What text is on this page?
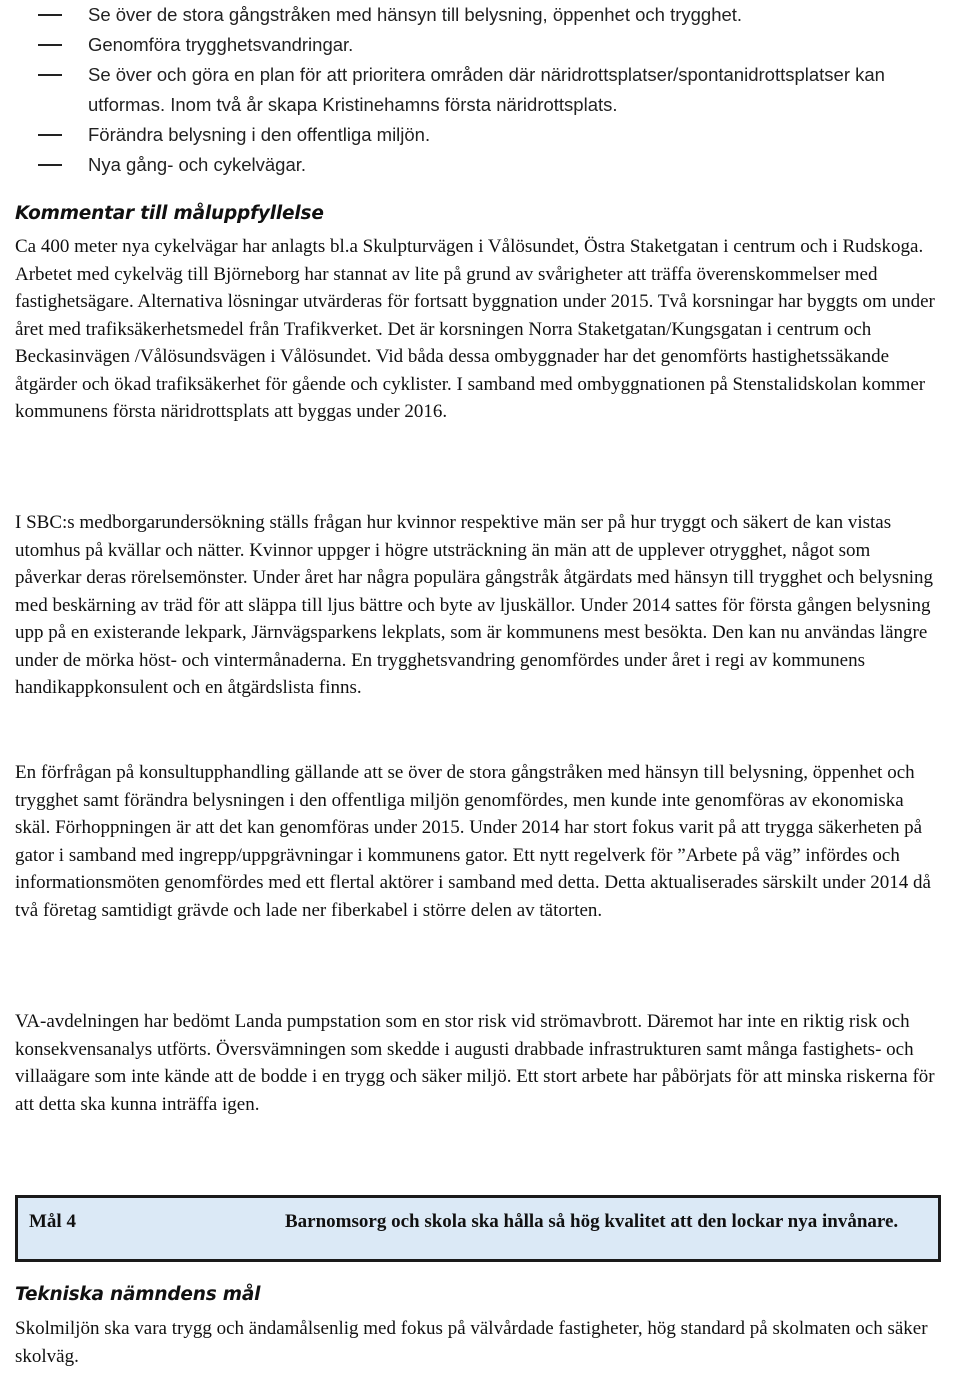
Se över de stora gångstråken med hänsyn till belysning, öppenhet och trygghet.
Genomföra trygghetsvandringar.
Se över och göra en plan för att prioritera områden där näridrottsplatser/spontanidrottsplatser kan utformas. Inom två år skapa Kristinehamns första näridrottsplats.
Förändra belysning i den offentliga miljön.
Nya gång- och cykelvägar.
Kommentar till måluppfyllelse

Ca 400 meter nya cykelvägar har anlagts bl.a Skulpturvägen i Vålösundet, Östra Staketgatan i centrum och i Rudskoga. Arbetet med cykelväg till Björneborg har stannat av lite på grund av svårigheter att träffa överenskommelser med fastighetsägare. Alternativa lösningar utvärderas för fortsatt byggnation under 2015. Två korsningar har byggts om under året med trafiksäkerhetsmedel från Trafikverket. Det är korsningen Norra Staketgatan/Kungsgatan i centrum och Beckasinvägen /Vålösundsvägen i Vålösundet. Vid båda dessa ombyggnader har det genomförts hastighetssäkande åtgärder och ökad trafiksäkerhet för gående och cyklister. I samband med ombyggnationen på Stenstalidskolan kommer kommunens första näridrottsplats att byggas under 2016.

I SBC:s medborgarundersökning ställs frågan hur kvinnor respektive män ser på hur tryggt och säkert de kan vistas utomhus på kvällar och nätter. Kvinnor uppger i högre utsträckning än män att de upplever otrygghet, något som påverkar deras rörelsemönster. Under året har några populära gångstråk åtgärdats med hänsyn till trygghet och belysning med beskärning av träd för att släppa till ljus bättre och byte av ljuskällor. Under 2014 sattes för första gången belysning upp på en existerande lekpark, Järnvägsparkens lekplats, som är kommunens mest besökta. Den kan nu användas längre under de mörka höst- och vintermånaderna. En trygghetsvandring genomfördes under året i regi av kommunens handikappkonsulent och en åtgärdslista finns.

En förfrågan på konsultupphandling gällande att se över de stora gångstråken med hänsyn till belysning, öppenhet och trygghet samt förändra belysningen i den offentliga miljön genomfördes, men kunde inte genomföras av ekonomiska skäl. Förhoppningen är att det kan genomföras under 2015. Under 2014 har stort fokus varit på att trygga säkerheten på gator i samband med ingrepp/uppgrävningar i kommunens gator. Ett nytt regelverk för ”Arbete på väg” infördes och informationsmöten genomfördes med ett flertal aktörer i samband med detta. Detta aktualiserades särskilt under 2014 då två företag samtidigt grävde och lade ner fiberkabel i större delen av tätorten.

VA-avdelningen har bedömt Landa pumpstation som en stor risk vid strömavbrott. Däremot har inte en riktig risk och konsekvensanalys utförts. Översvämningen som skedde i augusti drabbade infrastrukturen samt många fastighets- och villaägare som inte kände att de bodde i en trygg och säker miljö. Ett stort arbete har påbörjats för att minska riskerna för att detta ska kunna inträffa igen.

Mål 4	Barnomsorg och skola ska hålla så hög kvalitet att den lockar nya invånare.
Tekniska nämndens mål

Skolmiljön ska vara trygg och ändamålsenlig med fokus på välvårdade fastigheter, hög standard på skolmaten och säker skolväg.
